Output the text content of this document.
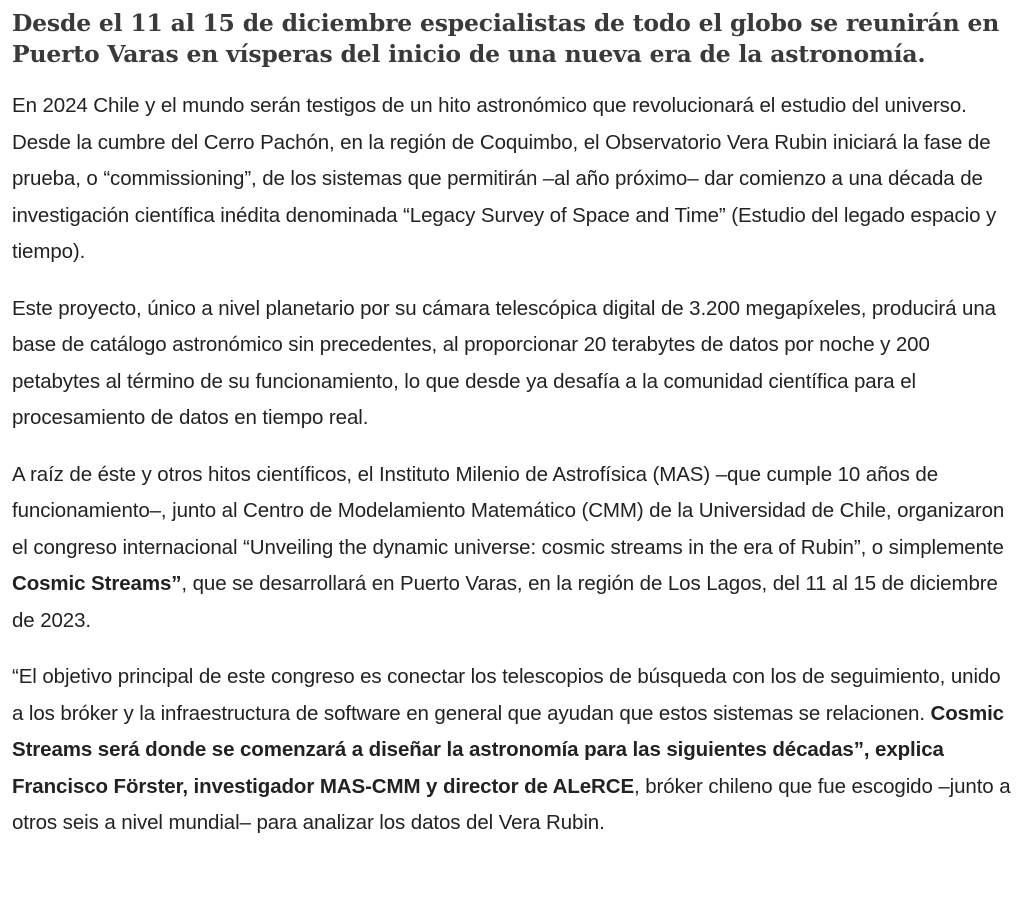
Desde el 11 al 15 de diciembre especialistas de todo el globo se reunirán en Puerto Varas en vísperas del inicio de una nueva era de la astronomía.

En 2024 Chile y el mundo serán testigos de un hito astronómico que revolucionará el estudio del universo. Desde la cumbre del Cerro Pachón, en la región de Coquimbo, el Observatorio Vera Rubin iniciará la fase de prueba, o “commissioning”, de los sistemas que permitirán –al año próximo– dar comienzo a una década de investigación científica inédita denominada “Legacy Survey of Space and Time” (Estudio del legado espacio y tiempo).

Este proyecto, único a nivel planetario por su cámara telescópica digital de 3.200 megapíxeles, producirá una base de catálogo astronómico sin precedentes, al proporcionar 20 terabytes de datos por noche y 200 petabytes al término de su funcionamiento, lo que desde ya desafía a la comunidad científica para el procesamiento de datos en tiempo real.

A raíz de éste y otros hitos científicos, el Instituto Milenio de Astrofísica (MAS) –que cumple 10 años de funcionamiento–, junto al Centro de Modelamiento Matemático (CMM) de la Universidad de Chile, organizaron el congreso internacional “Unveiling the dynamic universe: cosmic streams in the era of Rubin”, o simplemente Cosmic Streams”, que se desarrollará en Puerto Varas, en la región de Los Lagos, del 11 al 15 de diciembre de 2023.

“El objetivo principal de este congreso es conectar los telescopios de búsqueda con los de seguimiento, unido a los bróker y la infraestructura de software en general que ayudan que estos sistemas se relacionen. Cosmic Streams será donde se comenzará a diseñar la astronomía para las siguientes décadas”, explica Francisco Förster, investigador MAS-CMM y director de ALeRCE, bróker chileno que fue escogido –junto a otros seis a nivel mundial– para analizar los datos del Vera Rubin.
